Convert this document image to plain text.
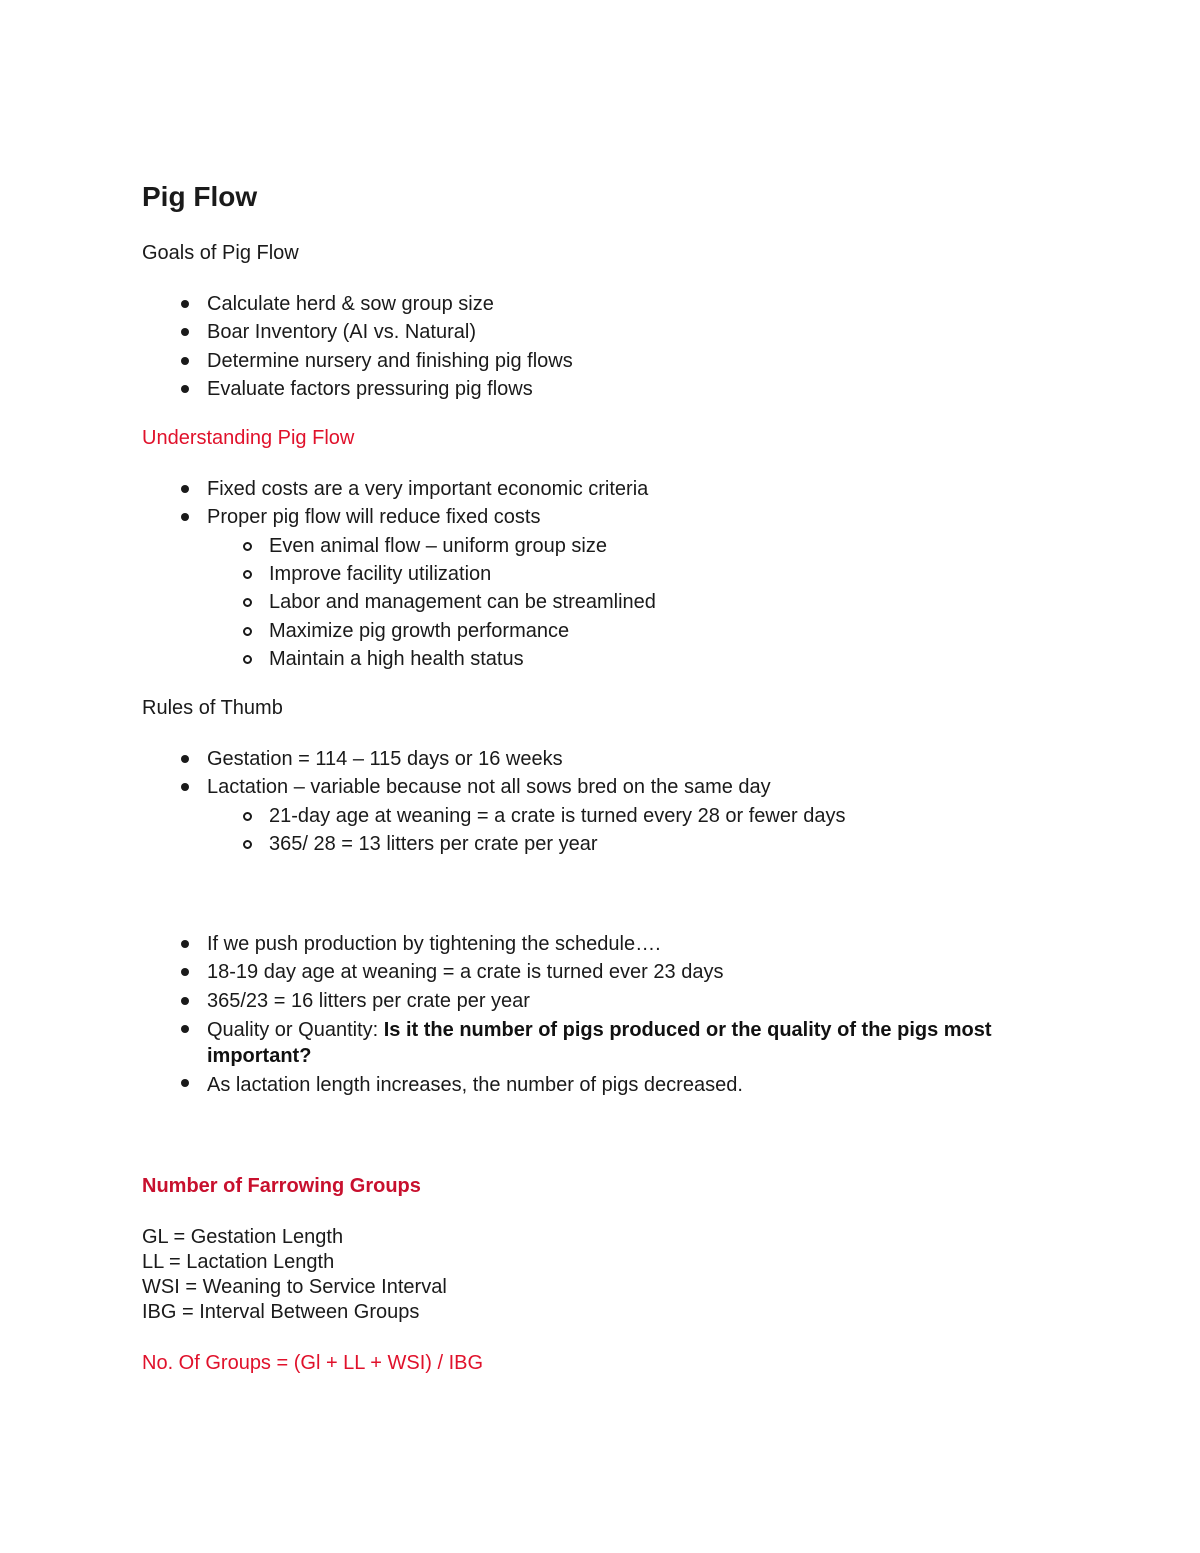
Pig Flow

Goals of Pig Flow

Calculate herd & sow group size
Boar Inventory (AI vs. Natural)
Determine nursery and finishing pig flows
Evaluate factors pressuring pig flows

Understanding Pig Flow

Fixed costs are a very important economic criteria
Proper pig flow will reduce fixed costs
Even animal flow – uniform group size
Improve facility utilization
Labor and management can be streamlined
Maximize pig growth performance
Maintain a high health status

Rules of Thumb

Gestation = 114 – 115 days or 16 weeks
Lactation – variable because not all sows bred on the same day
21-day age at weaning = a crate is turned every 28 or fewer days
365/ 28 = 13 litters per crate per year
If we push production by tightening the schedule….
18-19 day age at weaning = a crate is turned ever 23 days
365/23 = 16 litters per crate per year
Quality or Quantity: Is it the number of pigs produced or the quality of the pigs most important?
As lactation length increases, the number of pigs decreased.

Number of Farrowing Groups

GL = Gestation Length
LL = Lactation Length
WSI = Weaning to Service Interval
IBG = Interval Between Groups

No. Of Groups = (Gl + LL + WSI) / IBG
